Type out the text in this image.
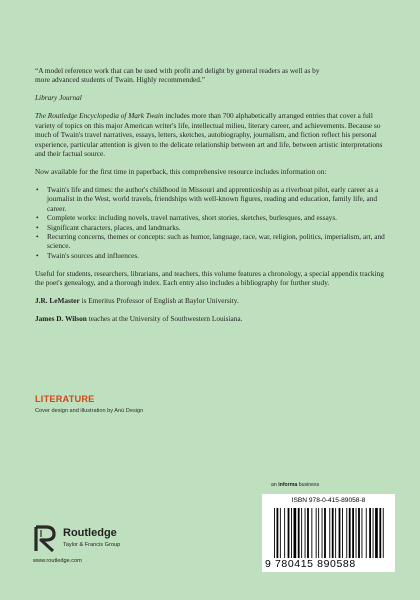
“A model reference work that can be used with profit and delight by general readers as well as by
more advanced students of Twain. Highly recommended.”

Library Journal

The Routledge Encyclopedia of Mark Twain includes more than 700 alphabetically arranged entries that cover a full variety of topics on this major American writer's life, intellectual milieu, literary career, and achievements. Because so much of Twain's travel narratives, essays, letters, sketches, autobiography, journalism, and fiction reflect his personal experience, particular attention is given to the delicate relationship between art and life, between artistic interpretations and their factual source.

Now available for the first time in paperback, this comprehensive resource includes information on:

• Twain's life and times: the author's childhood in Missouri and apprenticeship as a riverboat pilot, early career as a journalist in the West, world travels, friendships with well-known figures, reading and education, family life, and career.
• Complete works: including novels, travel narratives, short stories, sketches, burlesques, and essays.
• Significant characters, places, and landmarks.
• Recurring concerns, themes or concepts: such as humor, language, race, war, religion, politics, imperialism, art, and science.
• Twain's sources and influences.

Useful for students, researchers, librarians, and teachers, this volume features a chronology, a special appendix tracking the poet's genealogy, and a thorough index. Each entry also includes a bibliography for further study.

J.R. LeMaster is Emeritus Professor of English at Baylor University.

James D. Wilson teaches at the University of Southwestern Louisiana.

LITERATURE
Cover design and illustration by Anú Design
Routledge
Taylor & Francis Group
www.routledge.com
an informa business
ISBN 978-0-415-89058-8
9 780415 890588
